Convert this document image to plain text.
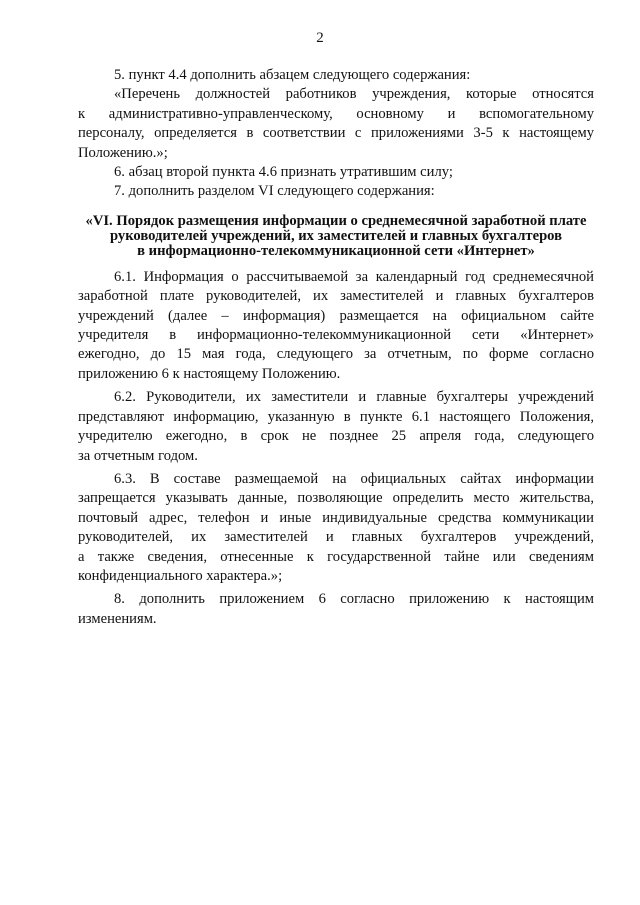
2

5. пункт 4.4 дополнить абзацем следующего содержания:

«Перечень должностей работников учреждения, которые относятся
к административно-управленческому, основному и вспомогательному
персоналу, определяется в соответствии с приложениями 3-5 к настоящему
Положению.»;

6. абзац второй пункта 4.6 признать утратившим силу;

7. дополнить разделом VI следующего содержания:

«VI. Порядок размещения информации о среднемесячной заработной плате
руководителей учреждений, их заместителей и главных бухгалтеров
в информационно-телекоммуникационной сети «Интернет»

6.1. Информация о рассчитываемой за календарный год среднемесячной
заработной плате руководителей, их заместителей и главных бухгалтеров
учреждений (далее – информация) размещается на официальном сайте
учредителя в информационно-телекоммуникационной сети «Интернет»
ежегодно, до 15 мая года, следующего за отчетным, по форме согласно
приложению 6 к настоящему Положению.

6.2. Руководители, их заместители и главные бухгалтеры учреждений
представляют информацию, указанную в пункте 6.1 настоящего Положения,
учредителю ежегодно, в срок не позднее 25 апреля года, следующего
за отчетным годом.

6.3. В составе размещаемой на официальных сайтах информации
запрещается указывать данные, позволяющие определить место жительства,
почтовый адрес, телефон и иные индивидуальные средства коммуникации
руководителей, их заместителей и главных бухгалтеров учреждений,
а также сведения, отнесенные к государственной тайне или сведениям
конфиденциального характера.»;

8. дополнить приложением 6 согласно приложению к настоящим
изменениям.
